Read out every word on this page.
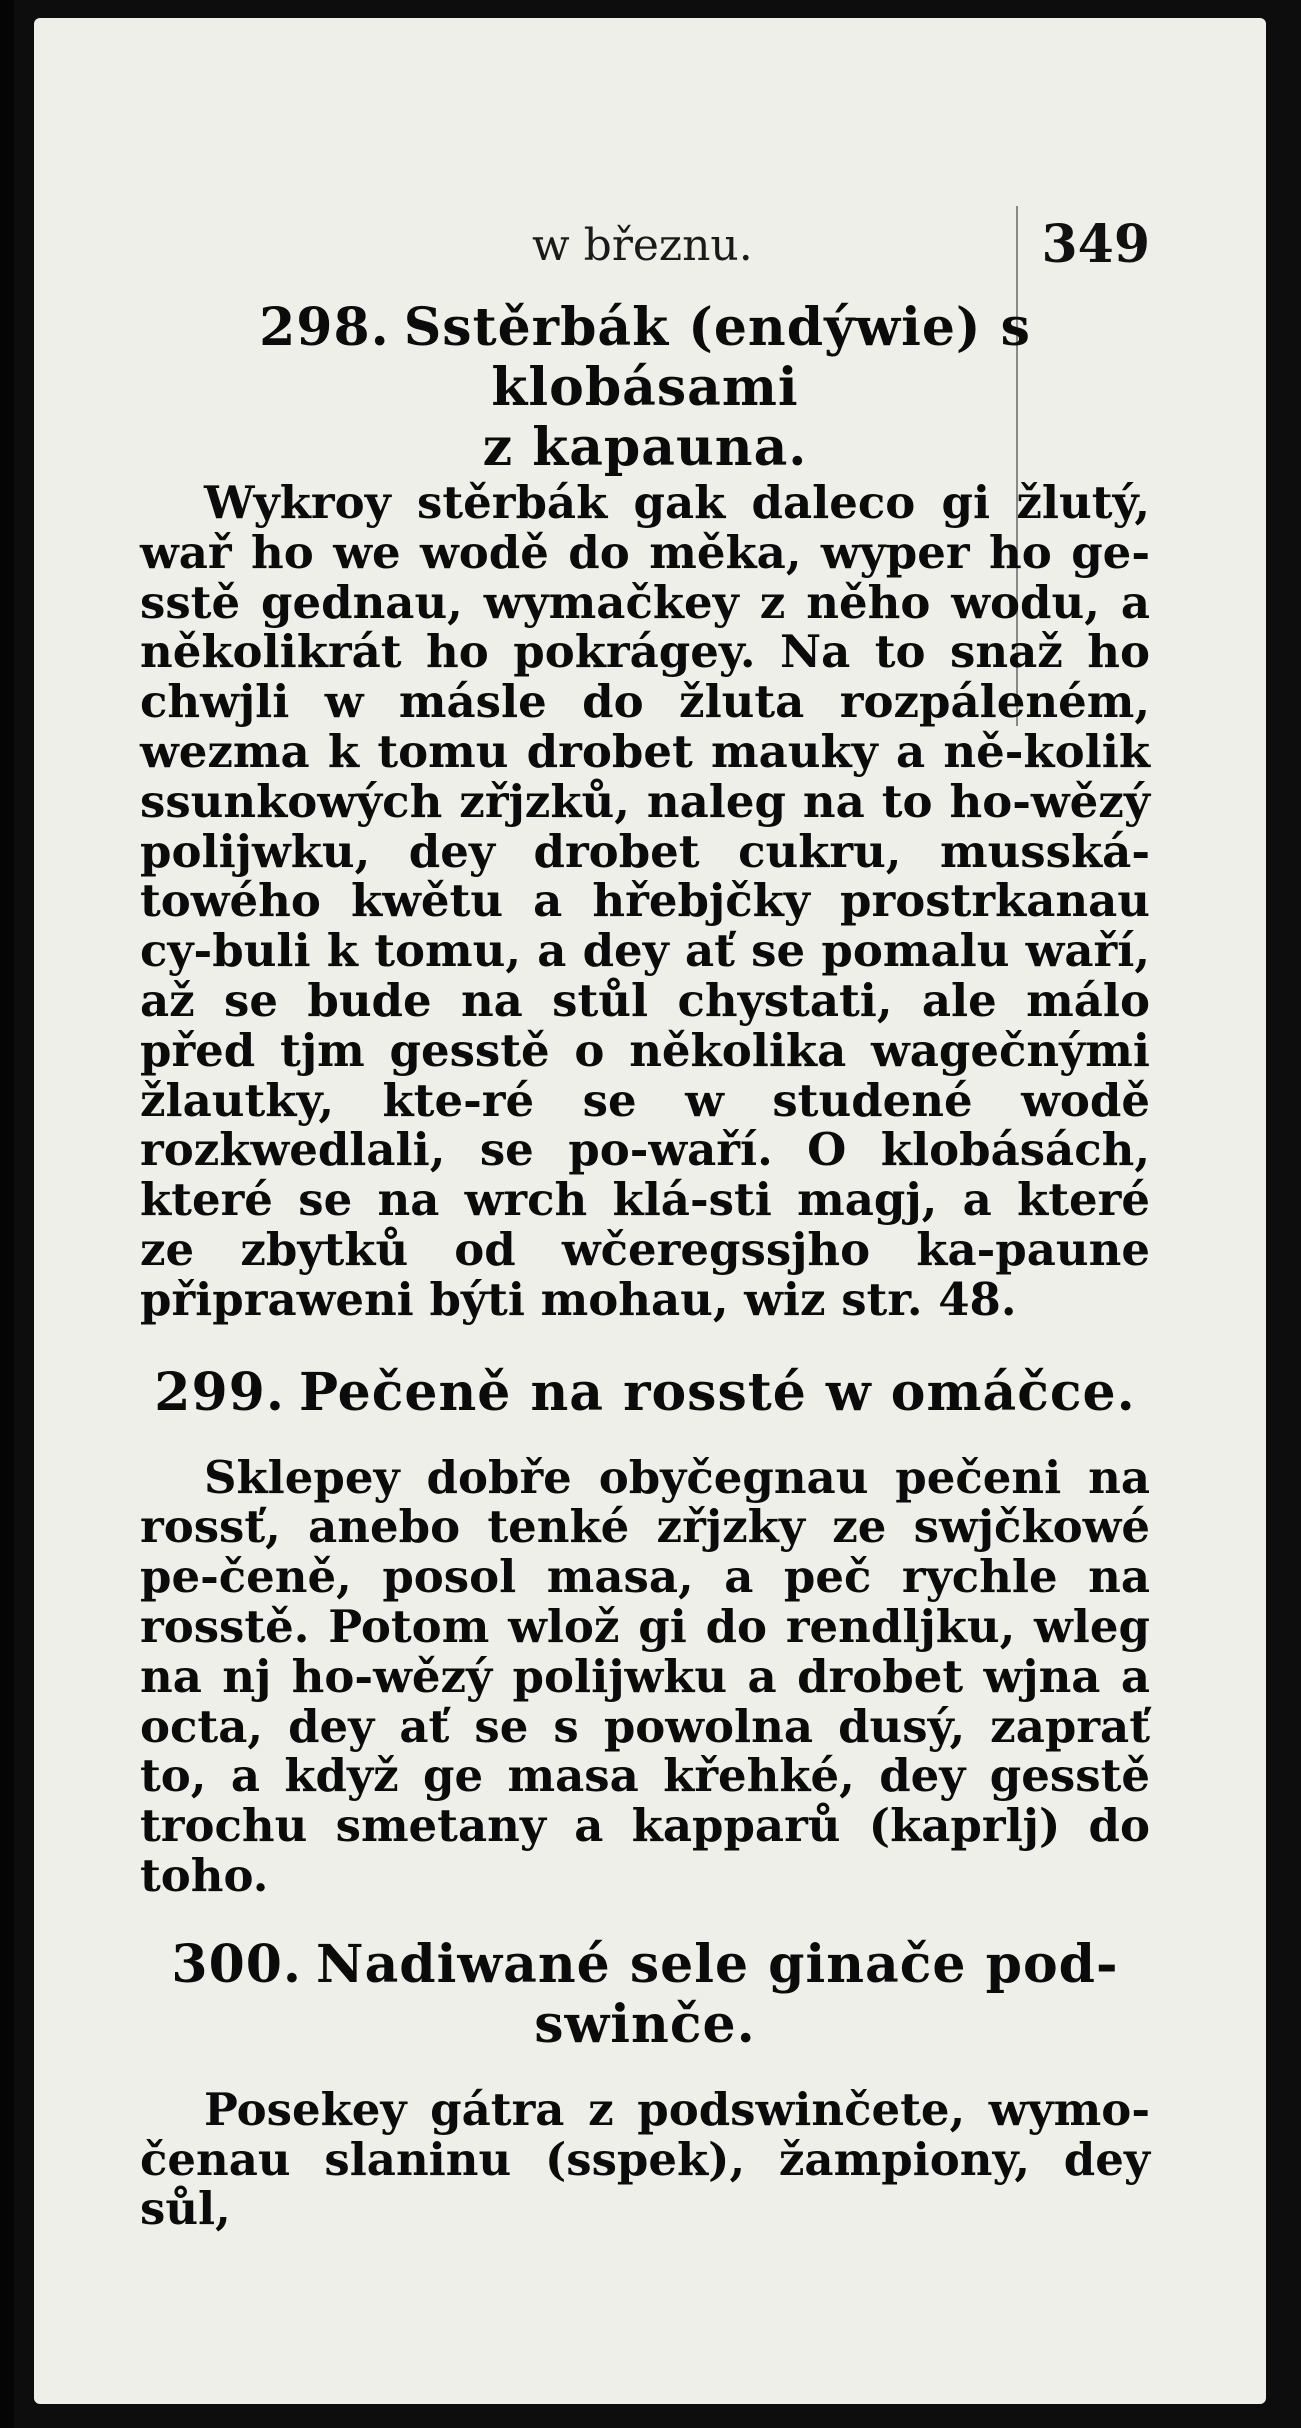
w březnu.	349

298. Sstěrbák (endýwie) s klobásami

z kapauna.

Wykroy stěrbák gak daleco gi žlutý, wař ho we wodě do měka, wyper ho ge-sstě gednau, wymačkey z něho wodu, a několikrát ho pokrágey. Na to snaž ho chwjli w másle do žluta rozpáleném, wezma k tomu drobet mauky a ně-kolik ssunkowých zřjzků, naleg na to ho-wězý polijwku, dey drobet cukru, musská-towého kwětu a hřebjčky prostrkanau cy-buli k tomu, a dey ať se pomalu waří, až se bude na stůl chystati, ale málo před tjm gesstě o několika wagečnými žlautky, kte-ré se w studené wodě rozkwedlali, se po-waří. O klobásách, které se na wrch klá-sti magj, a které ze zbytků od wčeregssjho ka-paune připraweni býti mohau, wiz str. 48.

299. Pečeně na rossté w omáčce.

Sklepey dobře obyčegnau pečeni na rossť, anebo tenké zřjzky ze swjčkowé pe-čeně, posol masa, a peč rychle na rosstě. Potom wlož gi do rendljku, wleg na nj ho-wězý polijwku a drobet wjna a octa, dey ať se s powolna dusý, zaprať to, a když ge masa křehké, dey gesstě trochu smetany a kapparů (kaprlj) do toho.

300. Nadiwané sele ginače pod-

swinče.

Posekey gátra z podswinčete, wymo-čenau slaninu (sspek), žampiony, dey sůl,
